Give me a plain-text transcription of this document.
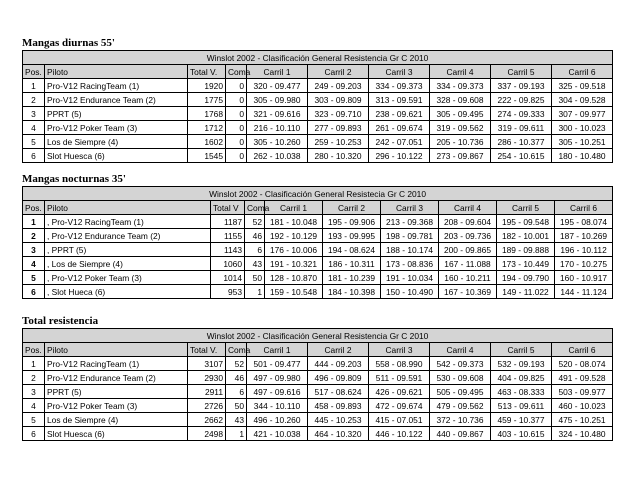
Mangas diurnas 55'
Winslot 2002 - Clasificación General Resistencia Gr C 2010									
Pos.	Piloto	Total V.	Coma	Carril 1	Carril 2	Carril 3	Carril 4	Carril 5	Carril 6
1	Pro-V12 RacingTeam (1)	1920	0	320 - 09.477	249 - 09.203	334 - 09.373	334 - 09.373	337 - 09.193	325 - 09.518
2	Pro-V12 Endurance Team (2)	1775	0	305 - 09.980	303 - 09.809	313 - 09.591	328 - 09.608	222 - 09.825	304 - 09.528
3	PPRT (5)	1768	0	321 - 09.616	323 - 09.710	238 - 09.621	305 - 09.495	274 - 09.333	307 - 09.977
4	Pro-V12 Poker Team (3)	1712	0	216 - 10.110	277 - 09.893	261 - 09.674	319 - 09.562	319 - 09.611	300 - 10.023
5	Los de Siempre (4)	1602	0	305 - 10.260	259 - 10.253	242 - 07.051	205 - 10.736	286 - 10.377	305 - 10.251
6	Slot Huesca (6)	1545	0	262 - 10.038	280 - 10.320	296 - 10.122	273 - 09.867	254 - 10.615	180 - 10.480
Mangas nocturnas 35'
Winslot 2002 - Clasificación General Resistecia Gr C 2010									
Pos.	Piloto	Total V	Coma	Carril 1	Carril 2	Carril 3	Carril 4	Carril 5	Carril 6
1	, Pro-V12 RacingTeam (1)	1187	52	181 - 10.048	195 - 09.906	213 - 09.368	208 - 09.604	195 - 09.548	195 - 08.074
2	, Pro-V12 Endurance Team (2)	1155	46	192 - 10.129	193 - 09.995	198 - 09.781	203 - 09.736	182 - 10.001	187 - 10.269
3	, PPRT (5)	1143	6	176 - 10.006	194 - 08.624	188 - 10.174	200 - 09.865	189 - 09.888	196 - 10.112
4	, Los de Siempre (4)	1060	43	191 - 10.321	186 - 10.311	173 - 08.836	167 - 11.088	173 - 10.449	170 - 10.275
5	, Pro-V12 Poker Team (3)	1014	50	128 - 10.870	181 - 10.239	191 - 10.034	160 - 10.211	194 - 09.790	160 - 10.917
6	, Slot Hueca (6)	953	1	159 - 10.548	184 - 10.398	150 - 10.490	167 - 10.369	149 - 11.022	144 - 11.124
Total resistencia
Winslot 2002 - Clasificación General Resistencia Gr C 2010									
Pos.	Piloto	Total V.	Coma	Carril 1	Carril 2	Carril 3	Carril 4	Carril 5	Carril 6
1	Pro-V12 RacingTeam (1)	3107	52	501 - 09.477	444 - 09.203	558 - 08.990	542 - 09.373	532 - 09.193	520 - 08.074
2	Pro-V12 Endurance Team (2)	2930	46	497 - 09.980	496 - 09.809	511 - 09.591	530 - 09.608	404 - 09.825	491 - 09.528
3	PPRT (5)	2911	6	497 - 09.616	517 - 08.624	426 - 09.621	505 - 09.495	463 - 08.333	503 - 09.977
4	Pro-V12 Poker Team (3)	2726	50	344 - 10.110	458 - 09.893	472 - 09.674	479 - 09.562	513 - 09.611	460 - 10.023
5	Los de Siempre (4)	2662	43	496 - 10.260	445 - 10.253	415 - 07.051	372 - 10.736	459 - 10.377	475 - 10.251
6	Slot Huesca (6)	2498	1	421 - 10.038	464 - 10.320	446 - 10.122	440 - 09.867	403 - 10.615	324 - 10.480
